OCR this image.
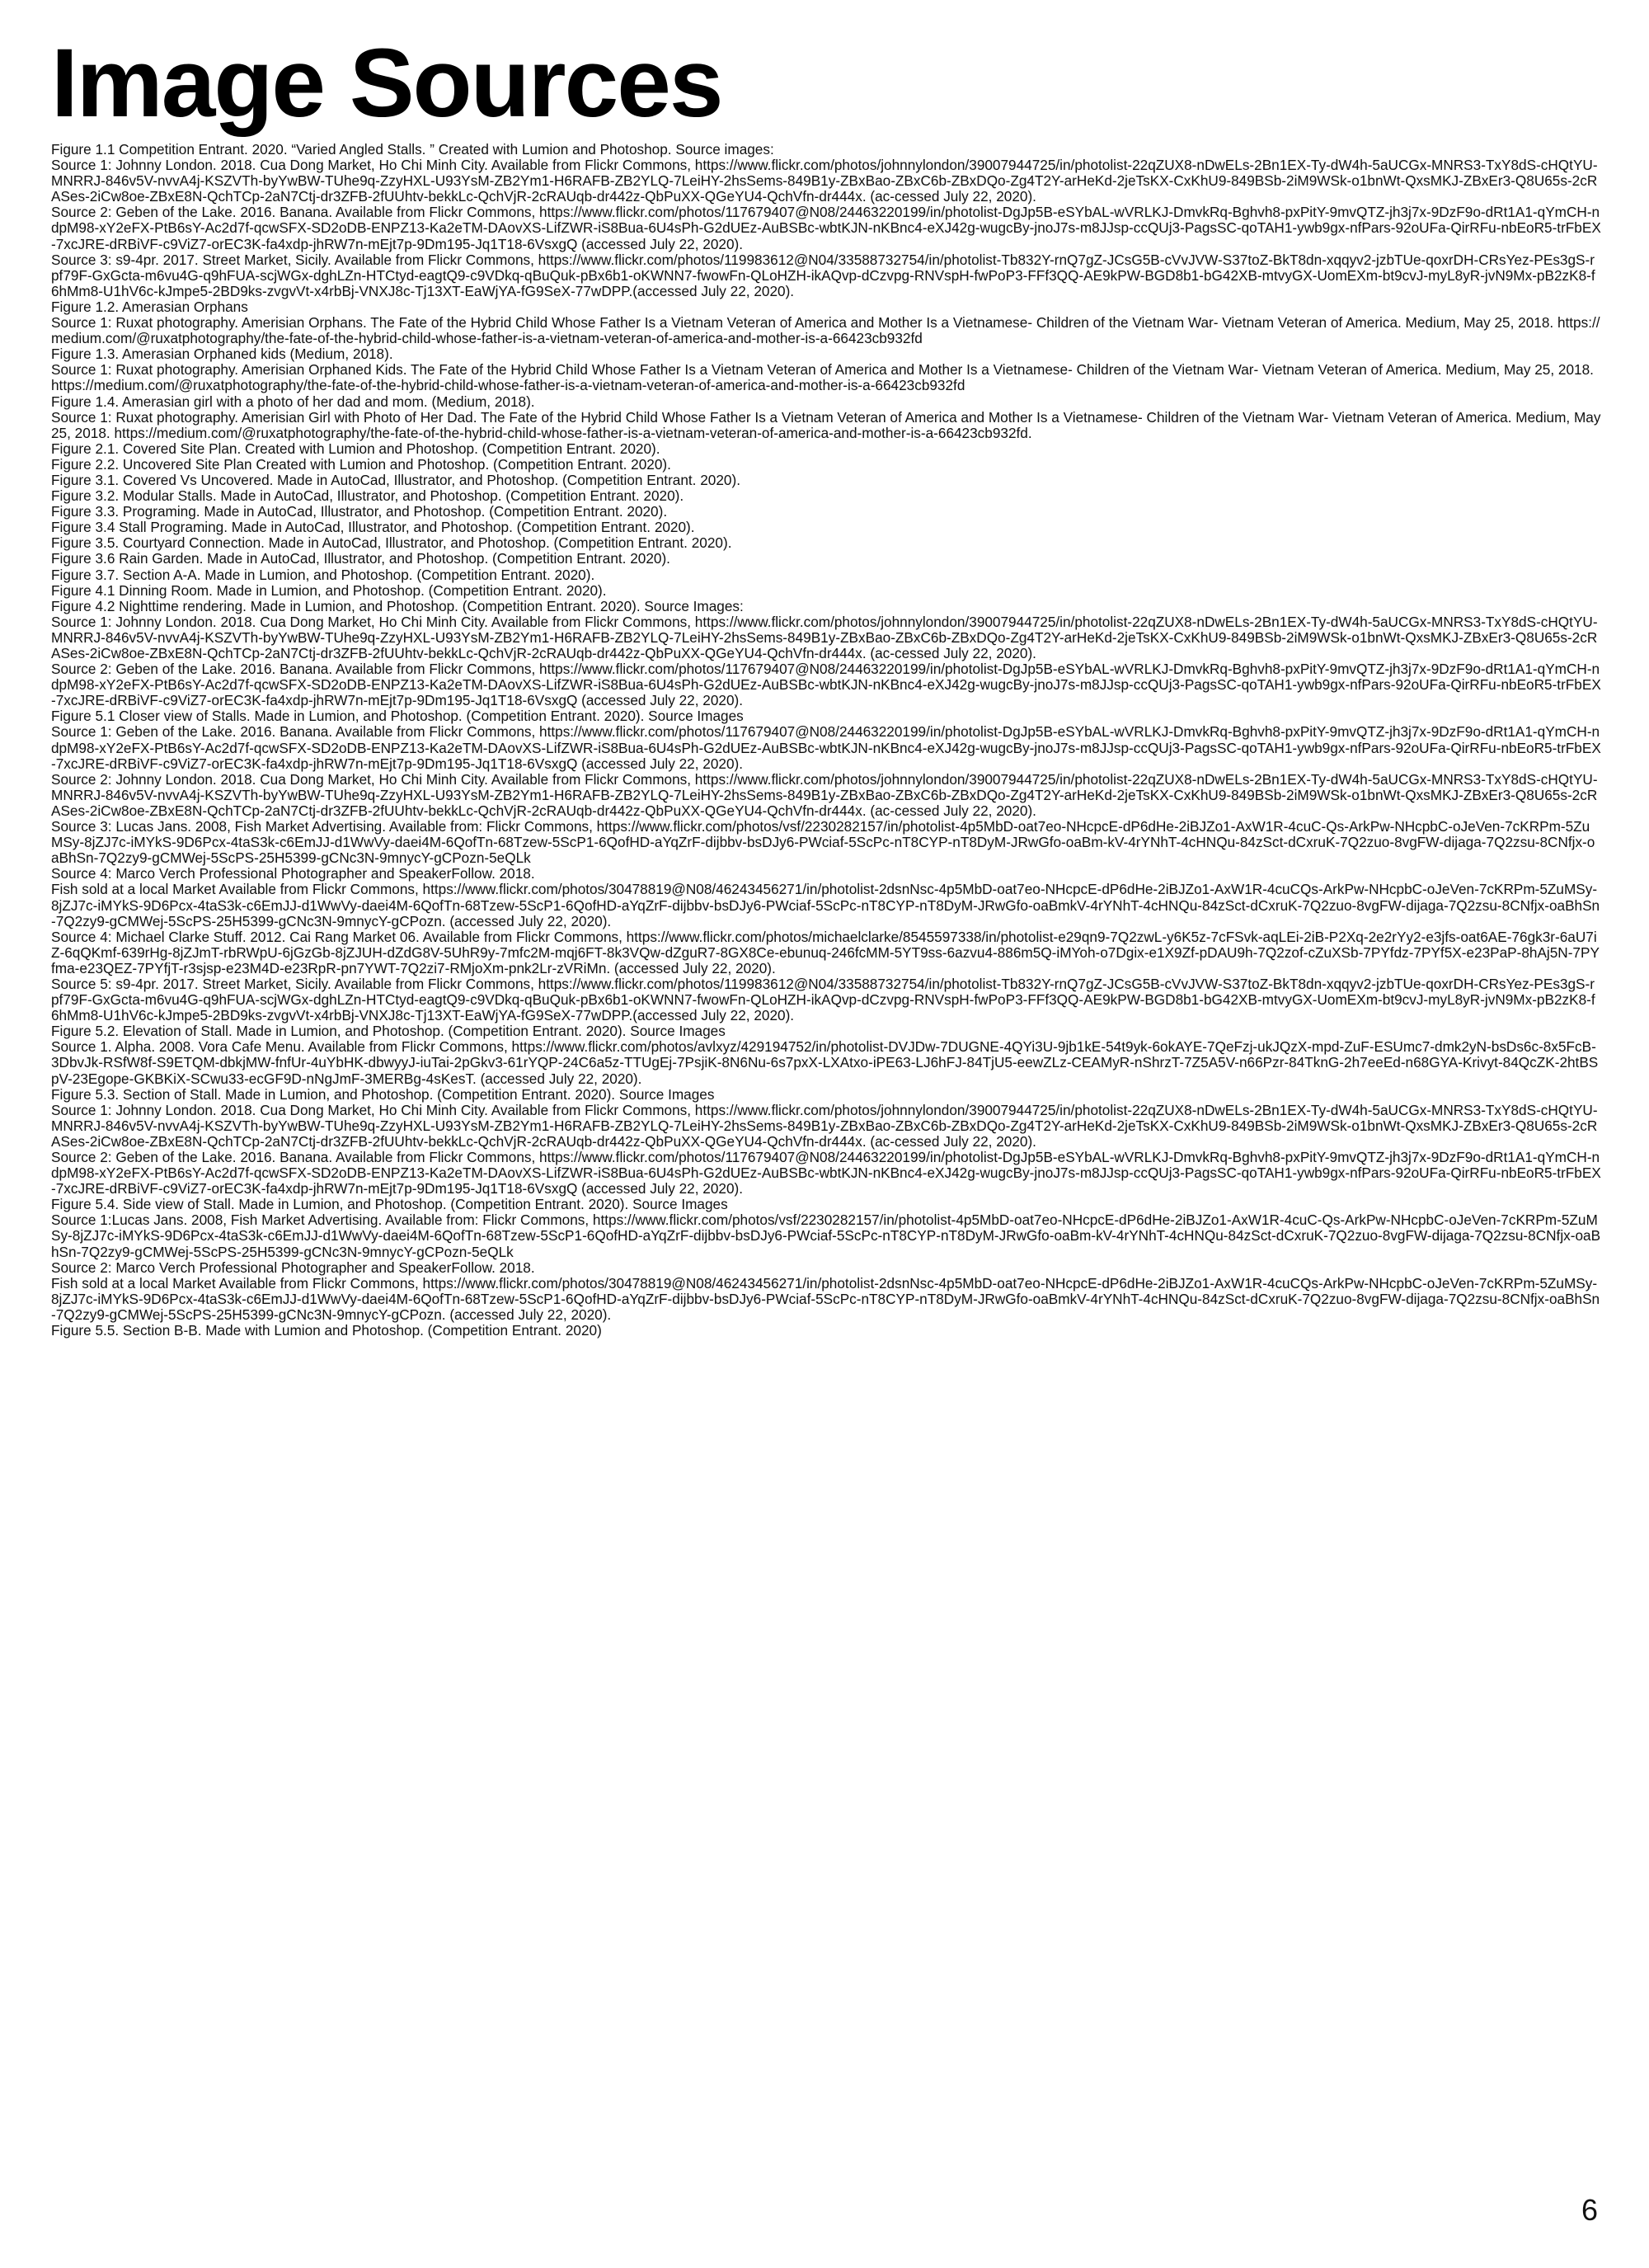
Image Sources

Figure 1.1 Competition Entrant. 2020. “Varied Angled Stalls. ” Created with Lumion and Photoshop. Source images:

Source 1: Johnny London. 2018. Cua Dong Market, Ho Chi Minh City. Available from Flickr Commons, https://www.flickr.com/photos/johnnylondon/39007944725/in/photolist-22qZUX8-nDwELs-2Bn1EX-Ty-dW4h-5aUCGx-MNRS3-TxY8dS-cHQtYU-MNRRJ-846v5V-nvvA4j-KSZVTh-byYwBW-TUhe9q-ZzyHXL-U93YsM-ZB2Ym1-H6RAFB-ZB2YLQ-7LeiHY-2hsSems-849B1y-ZBxBao-ZBxC6b-ZBxDQo-Zg4T2Y-arHeKd-2jeTsKX-CxKhU9-849BSb-2iM9WSk-o1bnWt-QxsMKJ-ZBxEr3-Q8U65s-2cRASes-2iCw8oe-ZBxE8N-QchTCp-2aN7Ctj-dr3ZFB-2fUUhtv-bekkLc-QchVjR-2cRAUqb-dr442z-QbPuXX-QGeYU4-QchVfn-dr444x. (ac-cessed July 22, 2020).

Source 2: Geben of the Lake. 2016. Banana. Available from Flickr Commons, https://www.flickr.com/photos/117679407@N08/24463220199/in/photolist-DgJp5B-eSYbAL-wVRLKJ-DmvkRq-Bghvh8-pxPitY-9mvQTZ-jh3j7x-9DzF9o-dRt1A1-qYmCH-ndpM98-xY2eFX-PtB6sY-Ac2d7f-qcwSFX-SD2oDB-ENPZ13-Ka2eTM-DAovXS-LifZWR-iS8Bua-6U4sPh-G2dUEz-AuBSBc-wbtKJN-nKBnc4-eXJ42g-wugcBy-jnoJ7s-m8JJsp-ccQUj3-PagsSC-qoTAH1-ywb9gx-nfPars-92oUFa-QirRFu-nbEoR5-trFbEX-7xcJRE-dRBiVF-c9ViZ7-orEC3K-fa4xdp-jhRW7n-mEjt7p-9Dm195-Jq1T18-6VsxgQ (accessed July 22, 2020).

Source 3: s9-4pr. 2017. Street Market, Sicily. Available from Flickr Commons, https://www.flickr.com/photos/119983612@N04/33588732754/in/photolist-Tb832Y-rnQ7gZ-JCsG5B-cVvJVW-S37toZ-BkT8dn-xqqyv2-jzbTUe-qoxrDH-CRsYez-PEs3gS-rpf79F-GxGcta-m6vu4G-q9hFUA-scjWGx-dghLZn-HTCtyd-eagtQ9-c9VDkq-qBuQuk-pBx6b1-oKWNN7-fwowFn-QLoHZH-ikAQvp-dCzvpg-RNVspH-fwPoP3-FFf3QQ-AE9kPW-BGD8b1-bG42XB-mtvyGX-UomEXm-bt9cvJ-myL8yR-jvN9Mx-pB2zK8-f6hMm8-U1hV6c-kJmpe5-2BD9ks-zvgvVt-x4rbBj-VNXJ8c-Tj13XT-EaWjYA-fG9SeX-77wDPP.(accessed July 22, 2020).

Figure 1.2. Amerasian Orphans

Source 1: Ruxat photography. Amerisian Orphans. The Fate of the Hybrid Child Whose Father Is a Vietnam Veteran of America and Mother Is a Vietnamese- Children of the Vietnam War- Vietnam Veteran of America. Medium, May 25, 2018. https://medium.com/@ruxatphotography/the-fate-of-the-hybrid-child-whose-father-is-a-vietnam-veteran-of-america-and-mother-is-a-66423cb932fd

Figure 1.3. Amerasian Orphaned kids (Medium, 2018).

Source 1: Ruxat photography. Amerisian Orphaned Kids. The Fate of the Hybrid Child Whose Father Is a Vietnam Veteran of America and Mother Is a Vietnamese- Children of the Vietnam War- Vietnam Veteran of America. Medium, May 25, 2018. https://medium.com/@ruxatphotography/the-fate-of-the-hybrid-child-whose-father-is-a-vietnam-veteran-of-america-and-mother-is-a-66423cb932fd

Figure 1.4. Amerasian girl with a photo of her dad and mom. (Medium, 2018).

Source 1: Ruxat photography. Amerisian Girl with Photo of Her Dad. The Fate of the Hybrid Child Whose Father Is a Vietnam Veteran of America and Mother Is a Vietnamese- Children of the Vietnam War- Vietnam Veteran of America. Medium, May 25, 2018. https://medium.com/@ruxatphotography/the-fate-of-the-hybrid-child-whose-father-is-a-vietnam-veteran-of-america-and-mother-is-a-66423cb932fd.

Figure 2.1. Covered Site Plan. Created with Lumion and Photoshop. (Competition Entrant. 2020).

Figure 2.2. Uncovered Site Plan Created with Lumion and Photoshop. (Competition Entrant. 2020).

Figure 3.1. Covered Vs Uncovered. Made in AutoCad, Illustrator, and Photoshop. (Competition Entrant. 2020).

Figure 3.2. Modular Stalls. Made in AutoCad, Illustrator, and Photoshop. (Competition Entrant. 2020).

Figure 3.3. Programing. Made in AutoCad, Illustrator, and Photoshop. (Competition Entrant. 2020).

Figure 3.4 Stall Programing. Made in AutoCad, Illustrator, and Photoshop. (Competition Entrant. 2020).

Figure 3.5. Courtyard Connection. Made in AutoCad, Illustrator, and Photoshop. (Competition Entrant. 2020).

Figure 3.6 Rain Garden. Made in AutoCad, Illustrator, and Photoshop. (Competition Entrant. 2020).

Figure 3.7. Section A-A. Made in Lumion, and Photoshop. (Competition Entrant. 2020).

Figure 4.1 Dinning Room. Made in Lumion, and Photoshop. (Competition Entrant. 2020).

Figure 4.2 Nighttime rendering. Made in Lumion, and Photoshop. (Competition Entrant. 2020). Source Images:

Source 1: Johnny London. 2018. Cua Dong Market, Ho Chi Minh City. Available from Flickr Commons, https://www.flickr.com/photos/johnnylondon/39007944725/in/photolist-22qZUX8-nDwELs-2Bn1EX-Ty-dW4h-5aUCGx-MNRS3-TxY8dS-cHQtYU-MNRRJ-846v5V-nvvA4j-KSZVTh-byYwBW-TUhe9q-ZzyHXL-U93YsM-ZB2Ym1-H6RAFB-ZB2YLQ-7LeiHY-2hsSems-849B1y-ZBxBao-ZBxC6b-ZBxDQo-Zg4T2Y-arHeKd-2jeTsKX-CxKhU9-849BSb-2iM9WSk-o1bnWt-QxsMKJ-ZBxEr3-Q8U65s-2cRASes-2iCw8oe-ZBxE8N-QchTCp-2aN7Ctj-dr3ZFB-2fUUhtv-bekkLc-QchVjR-2cRAUqb-dr442z-QbPuXX-QGeYU4-QchVfn-dr444x. (ac-cessed July 22, 2020).

Source 2: Geben of the Lake. 2016. Banana. Available from Flickr Commons, https://www.flickr.com/photos/117679407@N08/24463220199/in/photolist-DgJp5B-eSYbAL-wVRLKJ-DmvkRq-Bghvh8-pxPitY-9mvQTZ-jh3j7x-9DzF9o-dRt1A1-qYmCH-ndpM98-xY2eFX-PtB6sY-Ac2d7f-qcwSFX-SD2oDB-ENPZ13-Ka2eTM-DAovXS-LifZWR-iS8Bua-6U4sPh-G2dUEz-AuBSBc-wbtKJN-nKBnc4-eXJ42g-wugcBy-jnoJ7s-m8JJsp-ccQUj3-PagsSC-qoTAH1-ywb9gx-nfPars-92oUFa-QirRFu-nbEoR5-trFbEX-7xcJRE-dRBiVF-c9ViZ7-orEC3K-fa4xdp-jhRW7n-mEjt7p-9Dm195-Jq1T18-6VsxgQ (accessed July 22, 2020).

Figure 5.1 Closer view of Stalls. Made in Lumion, and Photoshop. (Competition Entrant. 2020). Source Images

Source 1: Geben of the Lake. 2016. Banana. Available from Flickr Commons, https://www.flickr.com/photos/117679407@N08/24463220199/in/photolist-DgJp5B-eSYbAL-wVRLKJ-DmvkRq-Bghvh8-pxPitY-9mvQTZ-jh3j7x-9DzF9o-dRt1A1-qYmCH-ndpM98-xY2eFX-PtB6sY-Ac2d7f-qcwSFX-SD2oDB-ENPZ13-Ka2eTM-DAovXS-LifZWR-iS8Bua-6U4sPh-G2dUEz-AuBSBc-wbtKJN-nKBnc4-eXJ42g-wugcBy-jnoJ7s-m8JJsp-ccQUj3-PagsSC-qoTAH1-ywb9gx-nfPars-92oUFa-QirRFu-nbEoR5-trFbEX-7xcJRE-dRBiVF-c9ViZ7-orEC3K-fa4xdp-jhRW7n-mEjt7p-9Dm195-Jq1T18-6VsxgQ (accessed July 22, 2020).

Source 2: Johnny London. 2018. Cua Dong Market, Ho Chi Minh City. Available from Flickr Commons, https://www.flickr.com/photos/johnnylondon/39007944725/in/photolist-22qZUX8-nDwELs-2Bn1EX-Ty-dW4h-5aUCGx-MNRS3-TxY8dS-cHQtYU-MNRRJ-846v5V-nvvA4j-KSZVTh-byYwBW-TUhe9q-ZzyHXL-U93YsM-ZB2Ym1-H6RAFB-ZB2YLQ-7LeiHY-2hsSems-849B1y-ZBxBao-ZBxC6b-ZBxDQo-Zg4T2Y-arHeKd-2jeTsKX-CxKhU9-849BSb-2iM9WSk-o1bnWt-QxsMKJ-ZBxEr3-Q8U65s-2cRASes-2iCw8oe-ZBxE8N-QchTCp-2aN7Ctj-dr3ZFB-2fUUhtv-bekkLc-QchVjR-2cRAUqb-dr442z-QbPuXX-QGeYU4-QchVfn-dr444x. (ac-cessed July 22, 2020).

Source 3: Lucas Jans. 2008, Fish Market Advertising. Available from: Flickr Commons, https://www.flickr.com/photos/vsf/2230282157/in/photolist-4p5MbD-oat7eo-NHcpcE-dP6dHe-2iBJZo1-AxW1R-4cuC-Qs-ArkPw-NHcpbC-oJeVen-7cKRPm-5ZuMSy-8jZJ7c-iMYkS-9D6Pcx-4taS3k-c6EmJJ-d1WwVy-daei4M-6QofTn-68Tzew-5ScP1-6QofHD-aYqZrF-dijbbv-bsDJy6-PWciaf-5ScPc-nT8CYP-nT8DyM-JRwGfo-oaBm-kV-4rYNhT-4cHNQu-84zSct-dCxruK-7Q2zuo-8vgFW-dijaga-7Q2zsu-8CNfjx-oaBhSn-7Q2zy9-gCMWej-5ScPS-25H5399-gCNc3N-9mnycY-gCPozn-5eQLk

Source 4: Marco Verch Professional Photographer and SpeakerFollow. 2018.

Fish sold at a local Market Available from Flickr Commons, https://www.flickr.com/photos/30478819@N08/46243456271/in/photolist-2dsnNsc-4p5MbD-oat7eo-NHcpcE-dP6dHe-2iBJZo1-AxW1R-4cuCQs-ArkPw-NHcpbC-oJeVen-7cKRPm-5ZuMSy-8jZJ7c-iMYkS-9D6Pcx-4taS3k-c6EmJJ-d1WwVy-daei4M-6QofTn-68Tzew-5ScP1-6QofHD-aYqZrF-dijbbv-bsDJy6-PWciaf-5ScPc-nT8CYP-nT8DyM-JRwGfo-oaBmkV-4rYNhT-4cHNQu-84zSct-dCxruK-7Q2zuo-8vgFW-dijaga-7Q2zsu-8CNfjx-oaBhSn-7Q2zy9-gCMWej-5ScPS-25H5399-gCNc3N-9mnycY-gCPozn. (accessed July 22, 2020).

Source 4: Michael Clarke Stuff. 2012. Cai Rang Market 06. Available from Flickr Commons, https://www.flickr.com/photos/michaelclarke/8545597338/in/photolist-e29qn9-7Q2zwL-y6K5z-7cFSvk-aqLEi-2iB-P2Xq-2e2rYy2-e3jfs-oat6AE-76gk3r-6aU7iZ-6qQKmf-639rHg-8jZJmT-rbRWpU-6jGzGb-8jZJUH-dZdG8V-5UhR9y-7mfc2M-mqj6FT-8k3VQw-dZguR7-8GX8Ce-ebunuq-246fcMM-5YT9ss-6azvu4-886m5Q-iMYoh-o7Dgix-e1X9Zf-pDAU9h-7Q2zof-cZuXSb-7PYfdz-7PYf5X-e23PaP-8hAj5N-7PYfma-e23QEZ-7PYfjT-r3sjsp-e23M4D-e23RpR-pn7YWT-7Q2zi7-RMjoXm-pnk2Lr-zVRiMn. (accessed July 22, 2020).

Source 5: s9-4pr. 2017. Street Market, Sicily. Available from Flickr Commons, https://www.flickr.com/photos/119983612@N04/33588732754/in/photolist-Tb832Y-rnQ7gZ-JCsG5B-cVvJVW-S37toZ-BkT8dn-xqqyv2-jzbTUe-qoxrDH-CRsYez-PEs3gS-rpf79F-GxGcta-m6vu4G-q9hFUA-scjWGx-dghLZn-HTCtyd-eagtQ9-c9VDkq-qBuQuk-pBx6b1-oKWNN7-fwowFn-QLoHZH-ikAQvp-dCzvpg-RNVspH-fwPoP3-FFf3QQ-AE9kPW-BGD8b1-bG42XB-mtvyGX-UomEXm-bt9cvJ-myL8yR-jvN9Mx-pB2zK8-f6hMm8-U1hV6c-kJmpe5-2BD9ks-zvgvVt-x4rbBj-VNXJ8c-Tj13XT-EaWjYA-fG9SeX-77wDPP.(accessed July 22, 2020).

Figure 5.2. Elevation of Stall. Made in Lumion, and Photoshop. (Competition Entrant. 2020). Source Images

Source 1. Alpha. 2008. Vora Cafe Menu. Available from Flickr Commons, https://www.flickr.com/photos/avlxyz/429194752/in/photolist-DVJDw-7DUGNE-4QYi3U-9jb1kE-54t9yk-6okAYE-7QeFzj-ukJQzX-mpd-ZuF-ESUmc7-dmk2yN-bsDs6c-8x5FcB-3DbvJk-RSfW8f-S9ETQM-dbkjMW-fnfUr-4uYbHK-dbwyyJ-iuTai-2pGkv3-61rYQP-24C6a5z-TTUgEj-7PsjiK-8N6Nu-6s7pxX-LXAtxo-iPE63-LJ6hFJ-84TjU5-eewZLz-CEAMyR-nShrzT-7Z5A5V-n66Pzr-84TknG-2h7eeEd-n68GYA-Krivyt-84QcZK-2htBSpV-23Egope-GKBKiX-SCwu33-ecGF9D-nNgJmF-3MERBg-4sKesT. (accessed July 22, 2020).

Figure 5.3. Section of Stall. Made in Lumion, and Photoshop. (Competition Entrant. 2020). Source Images

Source 1: Johnny London. 2018. Cua Dong Market, Ho Chi Minh City. Available from Flickr Commons, https://www.flickr.com/photos/johnnylondon/39007944725/in/photolist-22qZUX8-nDwELs-2Bn1EX-Ty-dW4h-5aUCGx-MNRS3-TxY8dS-cHQtYU-MNRRJ-846v5V-nvvA4j-KSZVTh-byYwBW-TUhe9q-ZzyHXL-U93YsM-ZB2Ym1-H6RAFB-ZB2YLQ-7LeiHY-2hsSems-849B1y-ZBxBao-ZBxC6b-ZBxDQo-Zg4T2Y-arHeKd-2jeTsKX-CxKhU9-849BSb-2iM9WSk-o1bnWt-QxsMKJ-ZBxEr3-Q8U65s-2cRASes-2iCw8oe-ZBxE8N-QchTCp-2aN7Ctj-dr3ZFB-2fUUhtv-bekkLc-QchVjR-2cRAUqb-dr442z-QbPuXX-QGeYU4-QchVfn-dr444x. (ac-cessed July 22, 2020).

Source 2: Geben of the Lake. 2016. Banana. Available from Flickr Commons, https://www.flickr.com/photos/117679407@N08/24463220199/in/photolist-DgJp5B-eSYbAL-wVRLKJ-DmvkRq-Bghvh8-pxPitY-9mvQTZ-jh3j7x-9DzF9o-dRt1A1-qYmCH-ndpM98-xY2eFX-PtB6sY-Ac2d7f-qcwSFX-SD2oDB-ENPZ13-Ka2eTM-DAovXS-LifZWR-iS8Bua-6U4sPh-G2dUEz-AuBSBc-wbtKJN-nKBnc4-eXJ42g-wugcBy-jnoJ7s-m8JJsp-ccQUj3-PagsSC-qoTAH1-ywb9gx-nfPars-92oUFa-QirRFu-nbEoR5-trFbEX-7xcJRE-dRBiVF-c9ViZ7-orEC3K-fa4xdp-jhRW7n-mEjt7p-9Dm195-Jq1T18-6VsxgQ (accessed July 22, 2020).

Figure 5.4. Side view of Stall. Made in Lumion, and Photoshop. (Competition Entrant. 2020). Source Images

Source 1:Lucas Jans. 2008, Fish Market Advertising. Available from: Flickr Commons, https://www.flickr.com/photos/vsf/2230282157/in/photolist-4p5MbD-oat7eo-NHcpcE-dP6dHe-2iBJZo1-AxW1R-4cuC-Qs-ArkPw-NHcpbC-oJeVen-7cKRPm-5ZuMSy-8jZJ7c-iMYkS-9D6Pcx-4taS3k-c6EmJJ-d1WwVy-daei4M-6QofTn-68Tzew-5ScP1-6QofHD-aYqZrF-dijbbv-bsDJy6-PWciaf-5ScPc-nT8CYP-nT8DyM-JRwGfo-oaBm-kV-4rYNhT-4cHNQu-84zSct-dCxruK-7Q2zuo-8vgFW-dijaga-7Q2zsu-8CNfjx-oaBhSn-7Q2zy9-gCMWej-5ScPS-25H5399-gCNc3N-9mnycY-gCPozn-5eQLk

Source 2: Marco Verch Professional Photographer and SpeakerFollow. 2018.

Fish sold at a local Market Available from Flickr Commons, https://www.flickr.com/photos/30478819@N08/46243456271/in/photolist-2dsnNsc-4p5MbD-oat7eo-NHcpcE-dP6dHe-2iBJZo1-AxW1R-4cuCQs-ArkPw-NHcpbC-oJeVen-7cKRPm-5ZuMSy-8jZJ7c-iMYkS-9D6Pcx-4taS3k-c6EmJJ-d1WwVy-daei4M-6QofTn-68Tzew-5ScP1-6QofHD-aYqZrF-dijbbv-bsDJy6-PWciaf-5ScPc-nT8CYP-nT8DyM-JRwGfo-oaBmkV-4rYNhT-4cHNQu-84zSct-dCxruK-7Q2zuo-8vgFW-dijaga-7Q2zsu-8CNfjx-oaBhSn-7Q2zy9-gCMWej-5ScPS-25H5399-gCNc3N-9mnycY-gCPozn. (accessed July 22, 2020).

Figure 5.5. Section B-B. Made with Lumion and Photoshop. (Competition Entrant. 2020)

6
